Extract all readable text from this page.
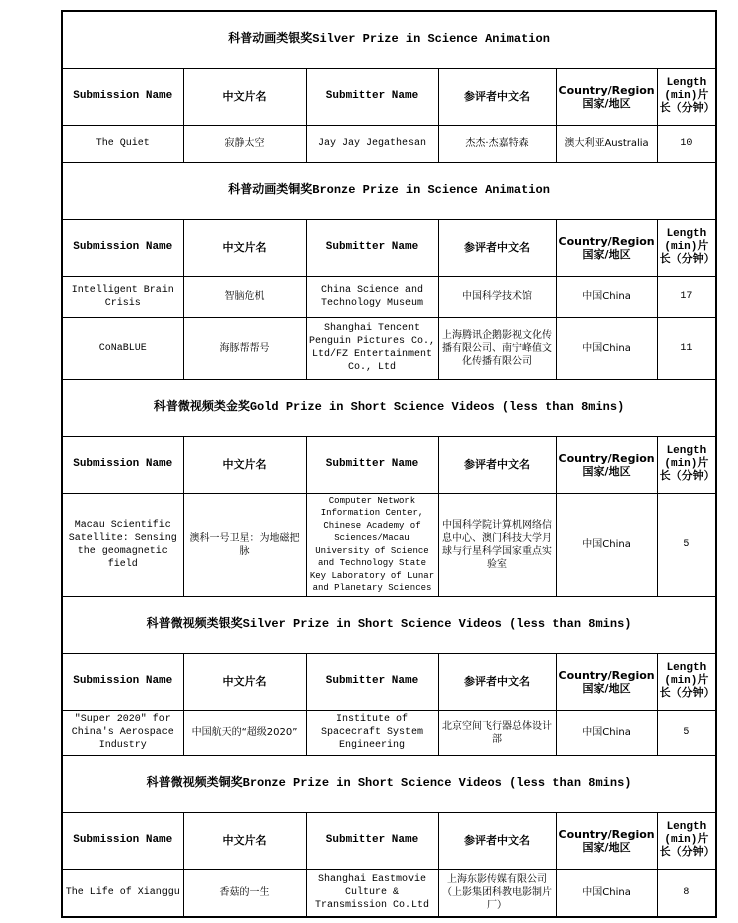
科普动画类银奖Silver Prize in Science Animation					
Submission Name	中文片名	Submitter Name	参评者中文名	Country/Region国家/地区	Length (min)片长（分钟）
The Quiet	寂静太空	Jay Jay Jegathesan	杰杰·杰嘉特森	澳大利亚Australia	10
科普动画类铜奖Bronze Prize in Science Animation					
Submission Name	中文片名	Submitter Name	参评者中文名	Country/Region国家/地区	Length (min)片长（分钟）
Intelligent Brain Crisis	智脑危机	China Science and Technology Museum	中国科学技术馆	中国China	17
CoNaBLUE	海豚帮帮号	Shanghai Tencent Penguin Pictures Co., Ltd/FZ Entertainment Co., Ltd	上海腾讯企鹅影视文化传播有限公司、南宁峰值文化传播有限公司	中国China	11
科普微视频类金奖Gold Prize in Short Science Videos (less than 8mins)					
Submission Name	中文片名	Submitter Name	参评者中文名	Country/Region国家/地区	Length (min)片长（分钟）
Macau Scientific Satellite: Sensing the geomagnetic field	澳科一号卫星：为地磁把脉	Computer Network Information Center, Chinese Academy of Sciences/Macau University of Science and Technology State Key Laboratory of Lunar and Planetary Sciences	中国科学院计算机网络信息中心、澳门科技大学月球与行星科学国家重点实验室	中国China	5
科普微视频类银奖Silver Prize in Short Science Videos (less than 8mins)					
Submission Name	中文片名	Submitter Name	参评者中文名	Country/Region国家/地区	Length (min)片长（分钟）
"Super 2020" for China's Aerospace Industry	中国航天的“超级2020”	Institute of Spacecraft System Engineering	北京空间飞行器总体设计部	中国China	5
科普微视频类铜奖Bronze Prize in Short Science Videos (less than 8mins)					
Submission Name	中文片名	Submitter Name	参评者中文名	Country/Region国家/地区	Length (min)片长（分钟）
The Life of Xianggu	香菇的一生	Shanghai Eastmovie Culture & Transmission Co.Ltd	上海东影传媒有限公司（上影集团科教电影制片厂）	中国China	8
